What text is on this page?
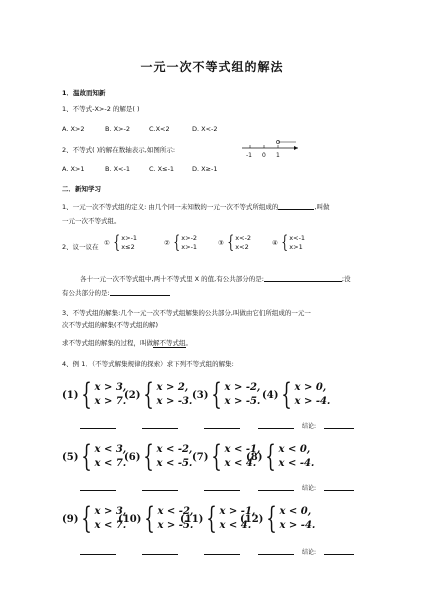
一元一次不等式组的解法
1．温故而知新
1、不等式-X>-2 的解是( )
A. X>2	B. X>-2	C.X<2	D. X<-2
2、不等式( )的解在数轴表示,如图所示:
A. X>1	B. X<-1	C. X≤-1	D. X≥-1
-1 0 1
二．新知学习
1、一元一次不等式组的定义: 由几个同一未知数的一元一次不等式所组成的	,叫做
一元一次不等式组。
2、议一议在 ① { x>-1
x≤2	② { x>-2
x>-1	③ { x<-2
x<2	④ { x<-1
x>1
各十一元一次不等式组中,两十不等式里 X 的值,有公共部分的是:	;没
有公共部分的是:
3、不等式组的解集:几个一元一次不等式组解集的公共部分,叫做由它们所组成的一元一
次不等式组的解集(不等式组的解)
求不等式组的解集的过程，叫做解不等式组。
4、例 1．（不等式解集规律的探索）求下列不等式组的解集:
(1) { x > 3,
x > 7.
(2) { x > 2,
x > -3.
(3) { x > -2,
x > -5.
(4) { x > 0,
x > -4.
结论:
(5) { x < 3,
x < 7.
(6) { x < -2,
x < -5.
(7) { x < -1,
x < 4.
(8) { x < 0,
x < -4.
结论:
(9) { x > 3,
x < 7.
(10) { x < -2,
x > -5.
(11) { x > -1,
x < 4.
(12) { x < 0,
x > -4.
结论:
